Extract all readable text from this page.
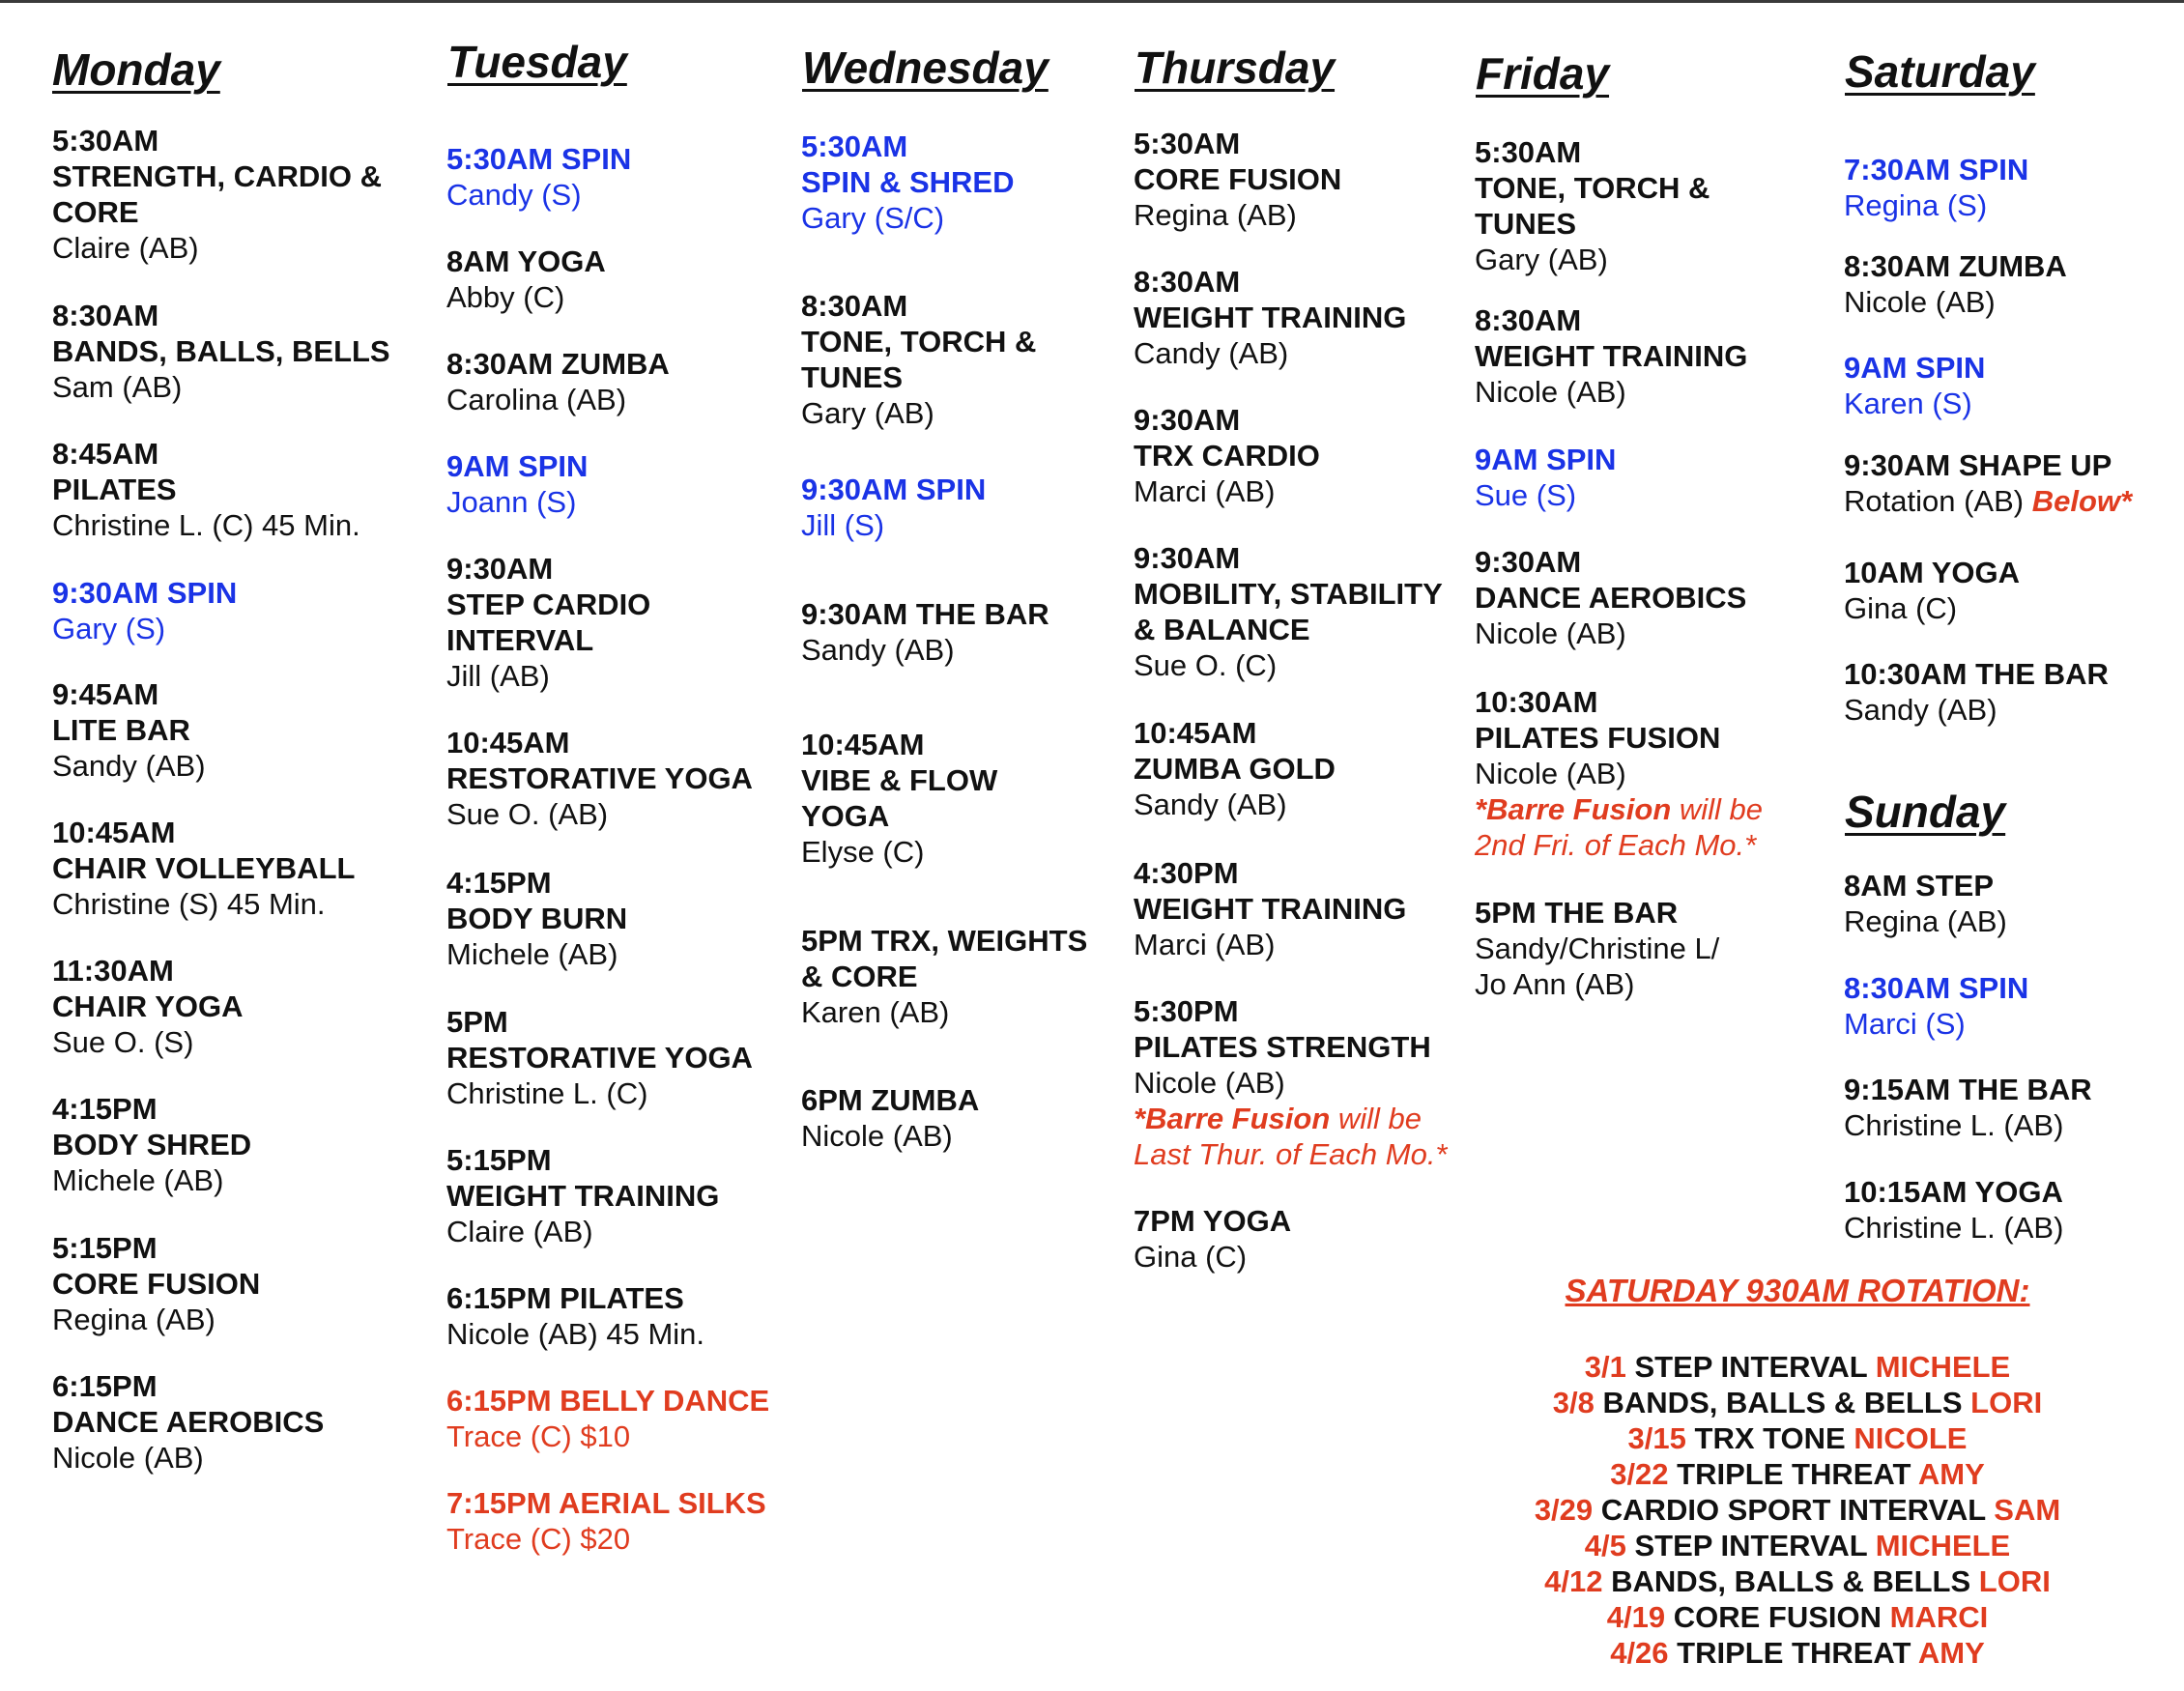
Monday
5:30AM
STRENGTH, CARDIO &
CORE
Claire (AB)
8:30AM
BANDS, BALLS, BELLS
Sam (AB)
8:45AM
PILATES
Christine L. (C) 45 Min.
9:30AM SPIN
Gary (S)
9:45AM
LITE BAR
Sandy (AB)
10:45AM
CHAIR VOLLEYBALL
Christine (S) 45 Min.
11:30AM
CHAIR YOGA
Sue O. (S)
4:15PM
BODY SHRED
Michele (AB)
5:15PM
CORE FUSION
Regina (AB)
6:15PM
DANCE AEROBICS
Nicole (AB)
Tuesday
5:30AM SPIN
Candy (S)
8AM YOGA
Abby (C)
8:30AM ZUMBA
Carolina (AB)
9AM SPIN
Joann (S)
9:30AM
STEP CARDIO
INTERVAL
Jill (AB)
10:45AM
RESTORATIVE YOGA
Sue O. (AB)
4:15PM
BODY BURN
Michele (AB)
5PM
RESTORATIVE YOGA
Christine L. (C)
5:15PM
WEIGHT TRAINING
Claire (AB)
6:15PM PILATES
Nicole (AB) 45 Min.
6:15PM BELLY DANCE
Trace (C) $10
7:15PM AERIAL SILKS
Trace (C) $20
Wednesday
5:30AM
SPIN & SHRED
Gary (S/C)
8:30AM
TONE, TORCH &
TUNES
Gary (AB)
9:30AM SPIN
Jill (S)
9:30AM THE BAR
Sandy (AB)
10:45AM
VIBE & FLOW
YOGA
Elyse (C)
5PM TRX, WEIGHTS
& CORE
Karen (AB)
6PM ZUMBA
Nicole (AB)
Thursday
5:30AM
CORE FUSION
Regina (AB)
8:30AM
WEIGHT TRAINING
Candy (AB)
9:30AM
TRX CARDIO
Marci (AB)
9:30AM
MOBILITY, STABILITY
& BALANCE
Sue O. (C)
10:45AM
ZUMBA GOLD
Sandy (AB)
4:30PM
WEIGHT TRAINING
Marci (AB)
5:30PM
PILATES STRENGTH
Nicole (AB)
*Barre Fusion will be
Last Thur. of Each Mo.*
7PM YOGA
Gina (C)
Friday
5:30AM
TONE, TORCH &
TUNES
Gary (AB)
8:30AM
WEIGHT TRAINING
Nicole (AB)
9AM SPIN
Sue (S)
9:30AM
DANCE AEROBICS
Nicole (AB)
10:30AM
PILATES FUSION
Nicole (AB)
*Barre Fusion will be
2nd Fri. of Each Mo.*
5PM THE BAR
Sandy/Christine L/
Jo Ann (AB)
Saturday
7:30AM SPIN
Regina (S)
8:30AM ZUMBA
Nicole (AB)
9AM SPIN
Karen (S)
9:30AM SHAPE UP
Rotation (AB) Below*
10AM YOGA
Gina (C)
10:30AM THE BAR
Sandy (AB)
Sunday
8AM STEP
Regina (AB)
8:30AM SPIN
Marci (S)
9:15AM THE BAR
Christine L. (AB)
10:15AM YOGA
Christine L. (AB)
SATURDAY 930AM ROTATION:
3/1 STEP INTERVAL MICHELE
3/8 BANDS, BALLS & BELLS LORI
3/15 TRX TONE NICOLE
3/22 TRIPLE THREAT AMY
3/29 CARDIO SPORT INTERVAL SAM
4/5 STEP INTERVAL MICHELE
4/12 BANDS, BALLS & BELLS LORI
4/19 CORE FUSION MARCI
4/26 TRIPLE THREAT AMY
